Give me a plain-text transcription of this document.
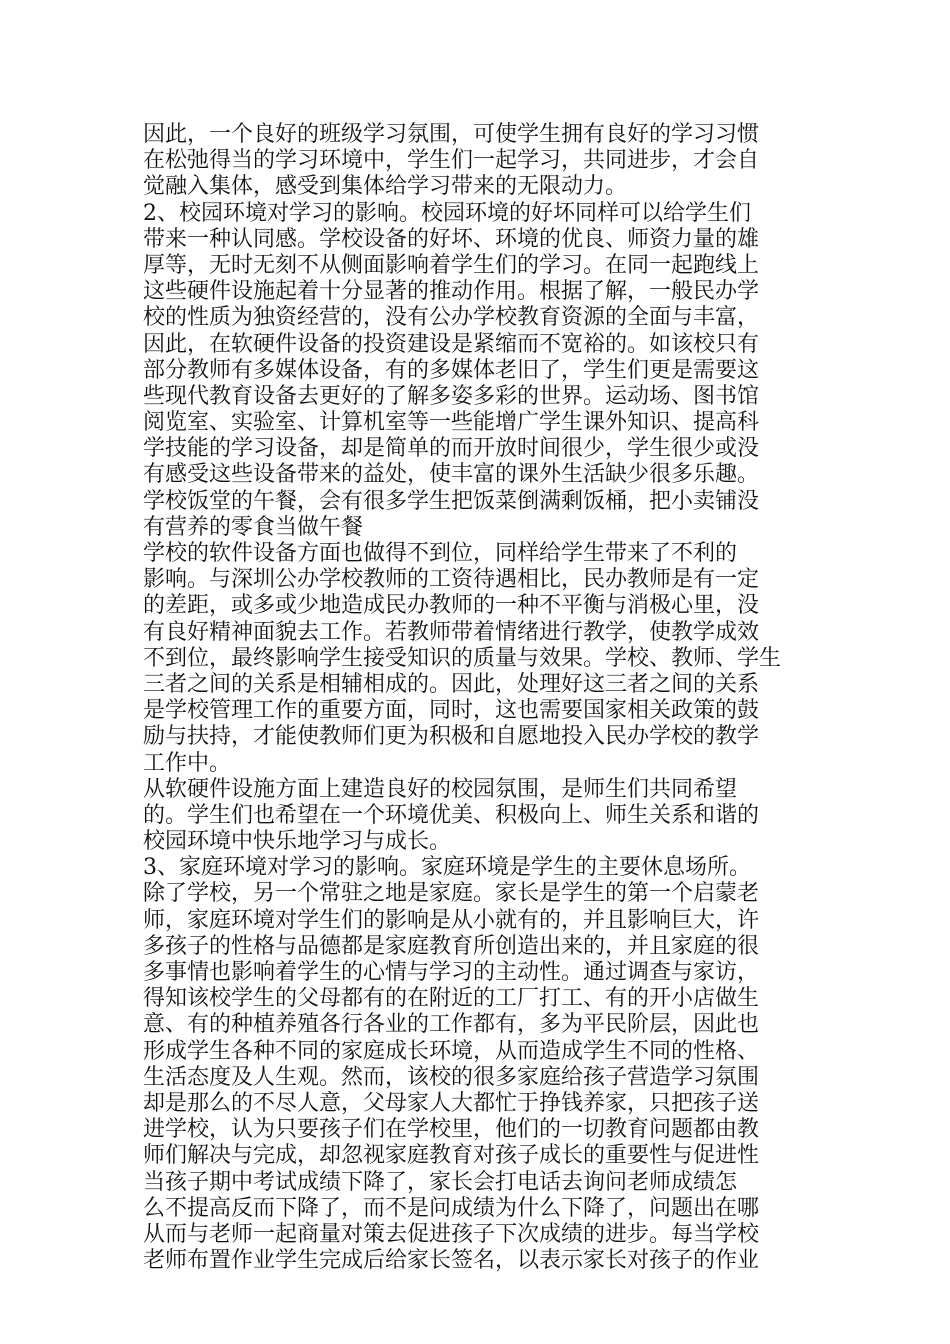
因此，一个良好的班级学习氛围，可使学生拥有良好的学习习惯
在松弛得当的学习环境中，学生们一起学习，共同进步，才会自
觉融入集体，感受到集体给学习带来的无限动力。
2、校园环境对学习的影响。校园环境的好坏同样可以给学生们
带来一种认同感。学校设备的好坏、环境的优良、师资力量的雄
厚等，无时无刻不从侧面影响着学生们的学习。在同一起跑线上
这些硬件设施起着十分显著的推动作用。根据了解，一般民办学
校的性质为独资经营的，没有公办学校教育资源的全面与丰富，
因此，在软硬件设备的投资建设是紧缩而不宽裕的。如该校只有
部分教师有多媒体设备，有的多媒体老旧了，学生们更是需要这
些现代教育设备去更好的了解多姿多彩的世界。运动场、图书馆
阅览室、实验室、计算机室等一些能增广学生课外知识、提高科
学技能的学习设备，却是简单的而开放时间很少，学生很少或没
有感受这些设备带来的益处，使丰富的课外生活缺少很多乐趣。
学校饭堂的午餐，会有很多学生把饭菜倒满剩饭桶，把小卖铺没
有营养的零食当做午餐
学校的软件设备方面也做得不到位，同样给学生带来了不利的
影响。与深圳公办学校教师的工资待遇相比，民办教师是有一定
的差距，或多或少地造成民办教师的一种不平衡与消极心里，没
有良好精神面貌去工作。若教师带着情绪进行教学，使教学成效
不到位，最终影响学生接受知识的质量与效果。学校、教师、学生
三者之间的关系是相辅相成的。因此，处理好这三者之间的关系
是学校管理工作的重要方面，同时，这也需要国家相关政策的鼓
励与扶持，才能使教师们更为积极和自愿地投入民办学校的教学
工作中。
从软硬件设施方面上建造良好的校园氛围，是师生们共同希望
的。学生们也希望在一个环境优美、积极向上、师生关系和谐的
校园环境中快乐地学习与成长。
3、家庭环境对学习的影响。家庭环境是学生的主要休息场所。
除了学校，另一个常驻之地是家庭。家长是学生的第一个启蒙老
师，家庭环境对学生们的影响是从小就有的，并且影响巨大，许
多孩子的性格与品德都是家庭教育所创造出来的，并且家庭的很
多事情也影响着学生的心情与学习的主动性。通过调查与家访，
得知该校学生的父母都有的在附近的工厂打工、有的开小店做生
意、有的种植养殖各行各业的工作都有，多为平民阶层，因此也
形成学生各种不同的家庭成长环境，从而造成学生不同的性格、
生活态度及人生观。然而，该校的很多家庭给孩子营造学习氛围
却是那么的不尽人意，父母家人大都忙于挣钱养家，只把孩子送
进学校，认为只要孩子们在学校里，他们的一切教育问题都由教
师们解决与完成，却忽视家庭教育对孩子成长的重要性与促进性
当孩子期中考试成绩下降了，家长会打电话去询问老师成绩怎
么不提高反而下降了，而不是问成绩为什么下降了，问题出在哪
从而与老师一起商量对策去促进孩子下次成绩的进步。每当学校
老师布置作业学生完成后给家长签名，以表示家长对孩子的作业
